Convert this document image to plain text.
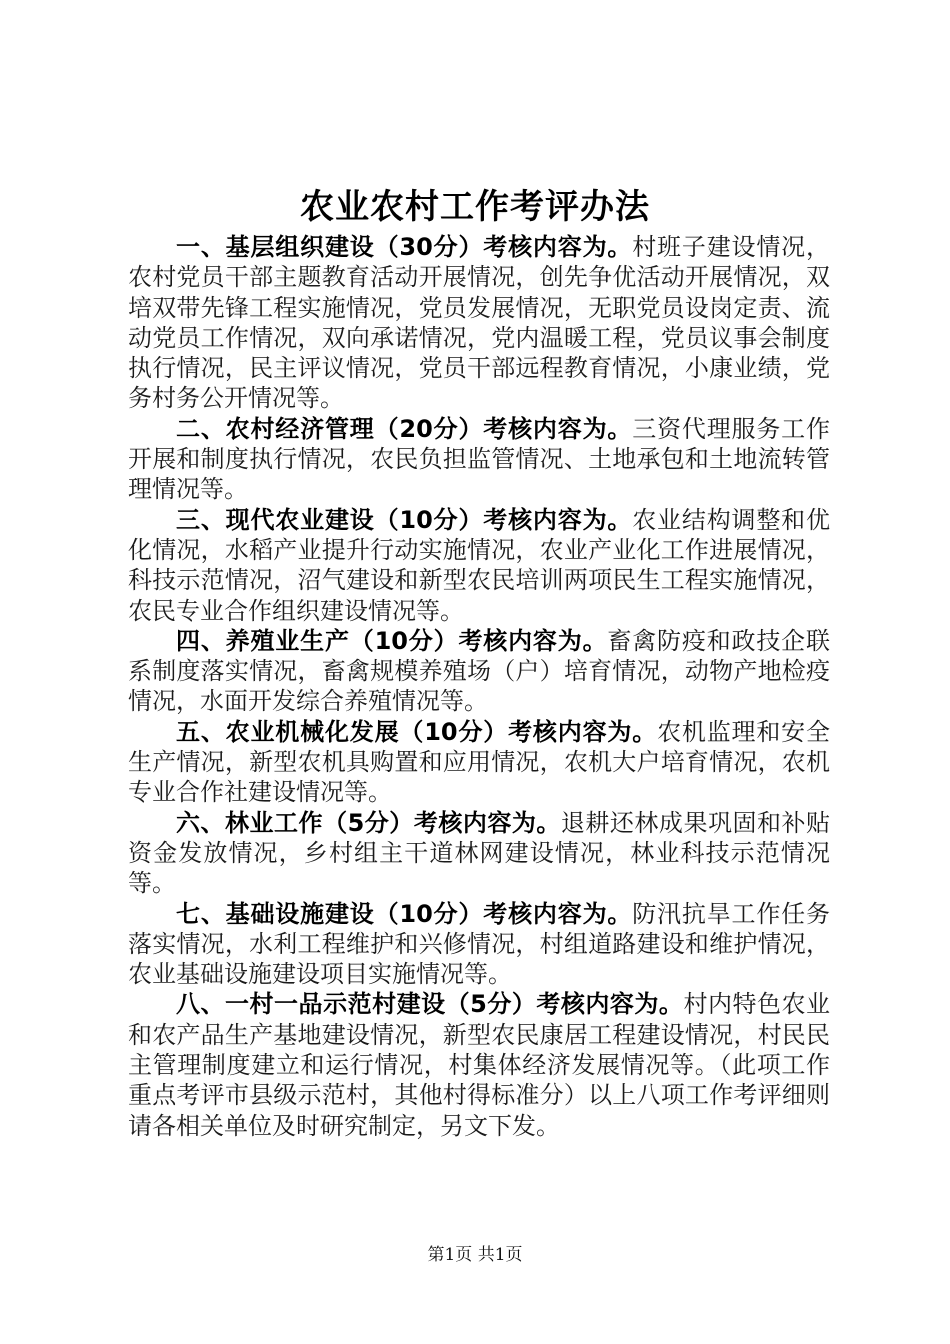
农业农村工作考评办法

一、基层组织建设（30分）考核内容为。村班子建设情况，农村党员干部主题教育活动开展情况，创先争优活动开展情况，双培双带先锋工程实施情况，党员发展情况，无职党员设岗定责、流动党员工作情况，双向承诺情况，党内温暖工程，党员议事会制度执行情况，民主评议情况，党员干部远程教育情况，小康业绩，党务村务公开情况等。

二、农村经济管理（20分）考核内容为。三资代理服务工作开展和制度执行情况，农民负担监管情况、土地承包和土地流转管理情况等。

三、现代农业建设（10分）考核内容为。农业结构调整和优化情况，水稻产业提升行动实施情况，农业产业化工作进展情况，科技示范情况，沼气建设和新型农民培训两项民生工程实施情况，农民专业合作组织建设情况等。

四、养殖业生产（10分）考核内容为。畜禽防疫和政技企联系制度落实情况，畜禽规模养殖场（户）培育情况，动物产地检疫情况，水面开发综合养殖情况等。

五、农业机械化发展（10分）考核内容为。农机监理和安全生产情况，新型农机具购置和应用情况，农机大户培育情况，农机专业合作社建设情况等。

六、林业工作（5分）考核内容为。退耕还林成果巩固和补贴资金发放情况，乡村组主干道林网建设情况，林业科技示范情况等。

七、基础设施建设（10分）考核内容为。防汛抗旱工作任务落实情况，水利工程维护和兴修情况，村组道路建设和维护情况，农业基础设施建设项目实施情况等。

八、一村一品示范村建设（5分）考核内容为。村内特色农业和农产品生产基地建设情况，新型农民康居工程建设情况，村民民主管理制度建立和运行情况，村集体经济发展情况等。（此项工作重点考评市县级示范村，其他村得标准分）以上八项工作考评细则请各相关单位及时研究制定，另文下发。

第1页 共1页
